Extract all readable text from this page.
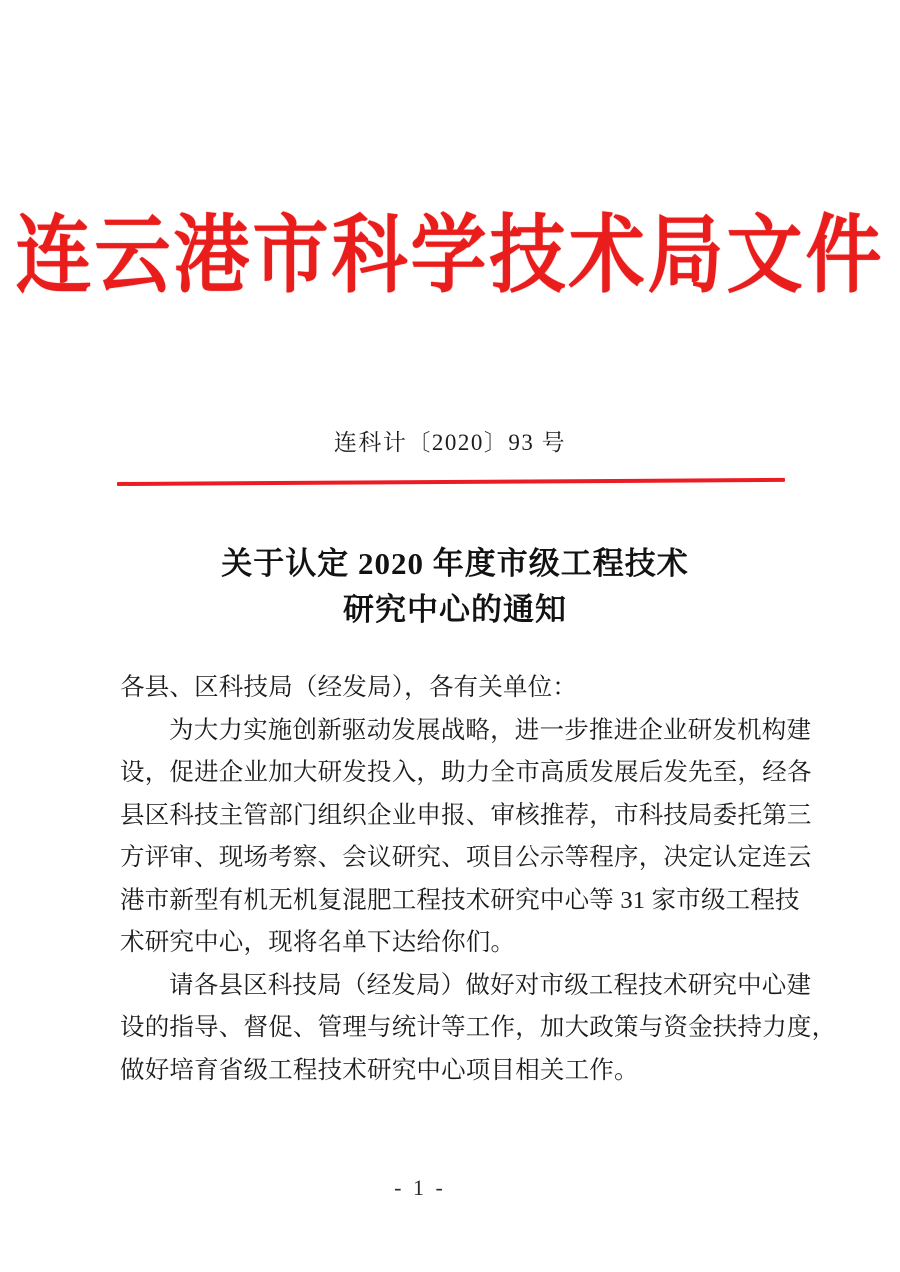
连云港市科学技术局文件
连科计〔2020〕93 号
关于认定 2020 年度市级工程技术
研究中心的通知

各县、区科技局（经发局），各有关单位：

为大力实施创新驱动发展战略，进一步推进企业研发机构建
设，促进企业加大研发投入，助力全市高质发展后发先至，经各
县区科技主管部门组织企业申报、审核推荐，市科技局委托第三
方评审、现场考察、会议研究、项目公示等程序，决定认定连云
港市新型有机无机复混肥工程技术研究中心等 31 家市级工程技
术研究中心，现将名单下达给你们。

请各县区科技局（经发局）做好对市级工程技术研究中心建
设的指导、督促、管理与统计等工作，加大政策与资金扶持力度，
做好培育省级工程技术研究中心项目相关工作。

- 1 -
